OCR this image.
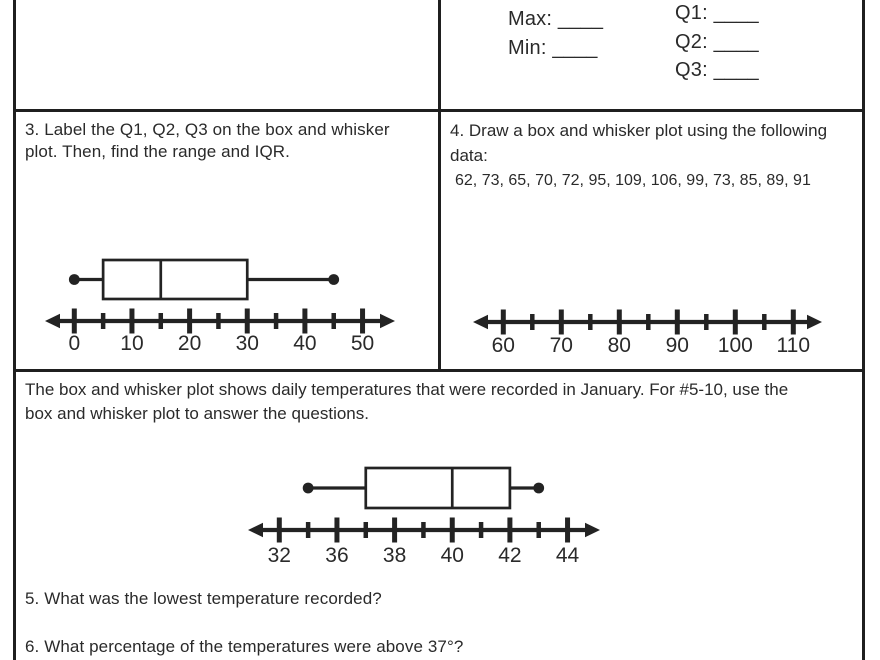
Max: ____
Min: ____
Q1: ____
Q2: ____
Q3: ____
3. Label the Q1, Q2, Q3 on the box and whisker
plot. Then, find the range and IQR.
0 10 20 30 40 50
4. Draw a box and whisker plot using the following
data:
62, 73, 65, 70, 72, 95, 109, 106, 99, 73, 85, 89, 91
60 70 80 90 100 110
The box and whisker plot shows daily temperatures that were recorded in January. For #5-10, use the
box and whisker plot to answer the questions.
32 36 38 40 42 44
5. What was the lowest temperature recorded?
6. What percentage of the temperatures were above 37°?
